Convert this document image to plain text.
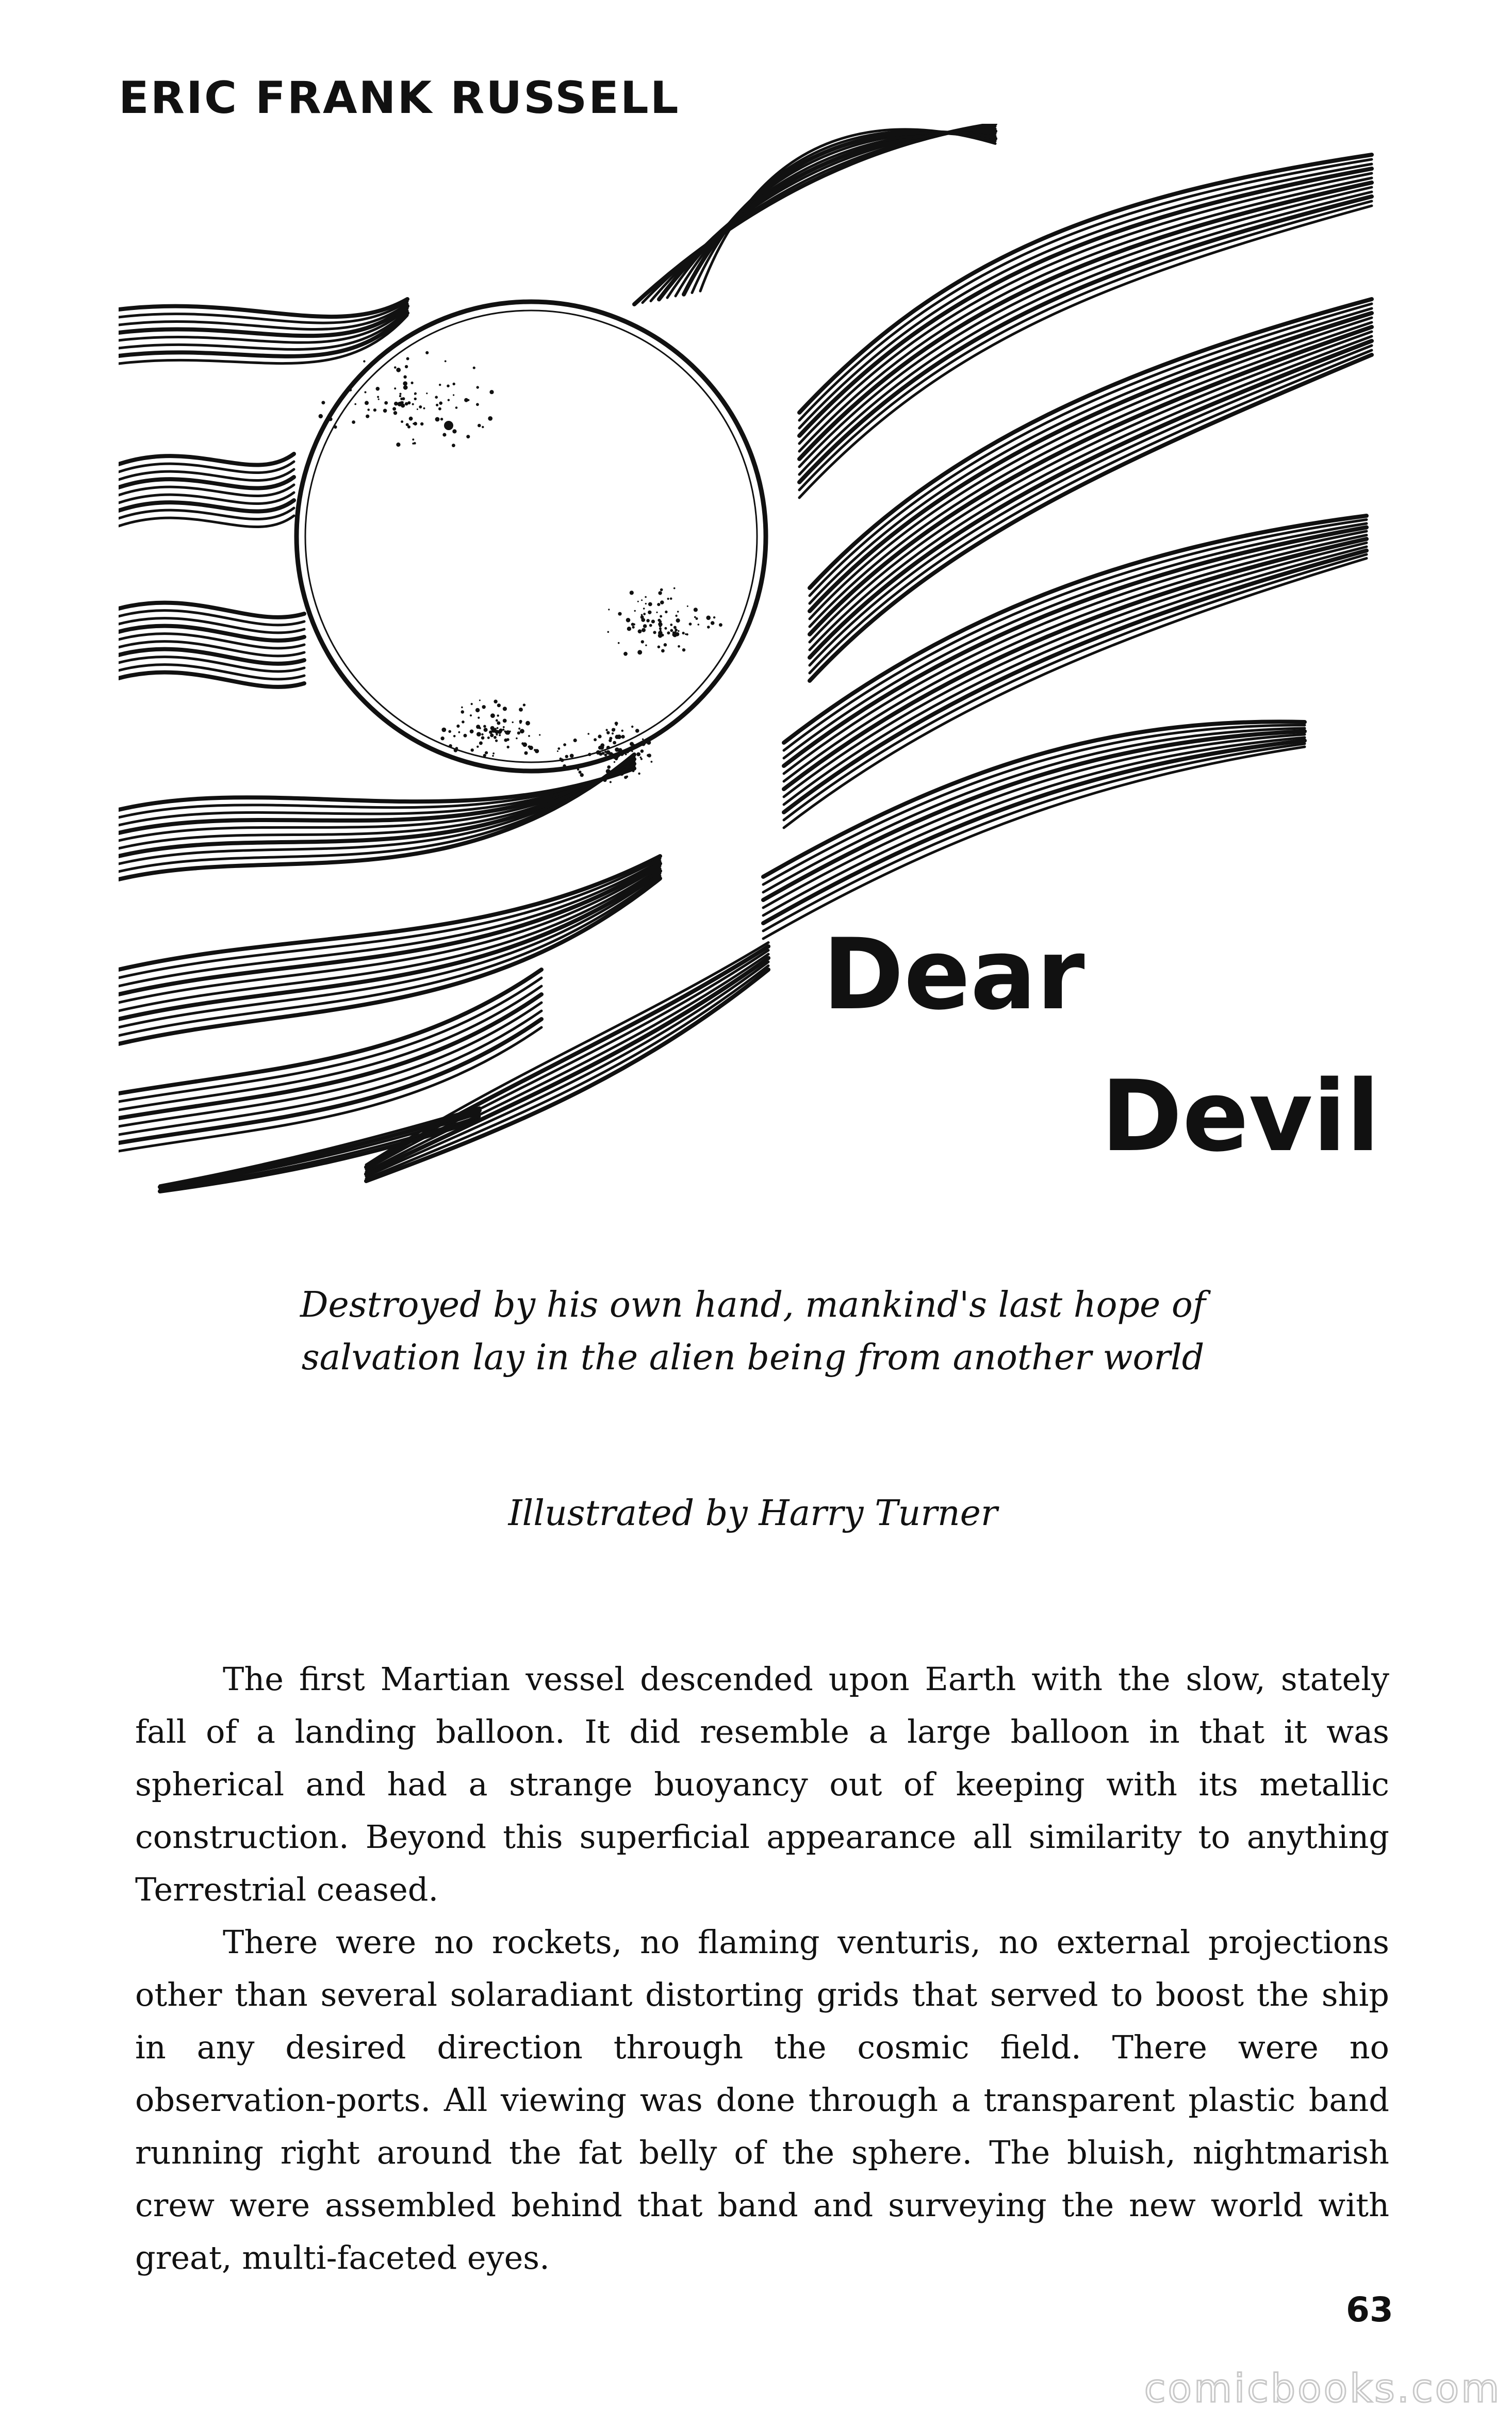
ERIC FRANK RUSSELL
Dear
Devil
Destroyed by his own hand, mankind's last hope of
salvation lay in the alien being from another world
Illustrated by Harry Turner

The first Martian vessel descended upon Earth with the slow, stately fall of a landing balloon. It did resemble a large balloon in that it was spherical and had a strange buoyancy out of keeping with its metallic construction. Beyond this superficial appearance all similarity to anything Terrestrial ceased.

There were no rockets, no flaming venturis, no external projections other than several solaradiant distorting grids that served to boost the ship in any desired direction through the cosmic field. There were no observation-ports. All viewing was done through a transparent plastic band running right around the fat belly of the sphere. The bluish, nightmarish crew were assembled behind that band and surveying the new world with great, multi-faceted eyes.

63
comicbooks.com
